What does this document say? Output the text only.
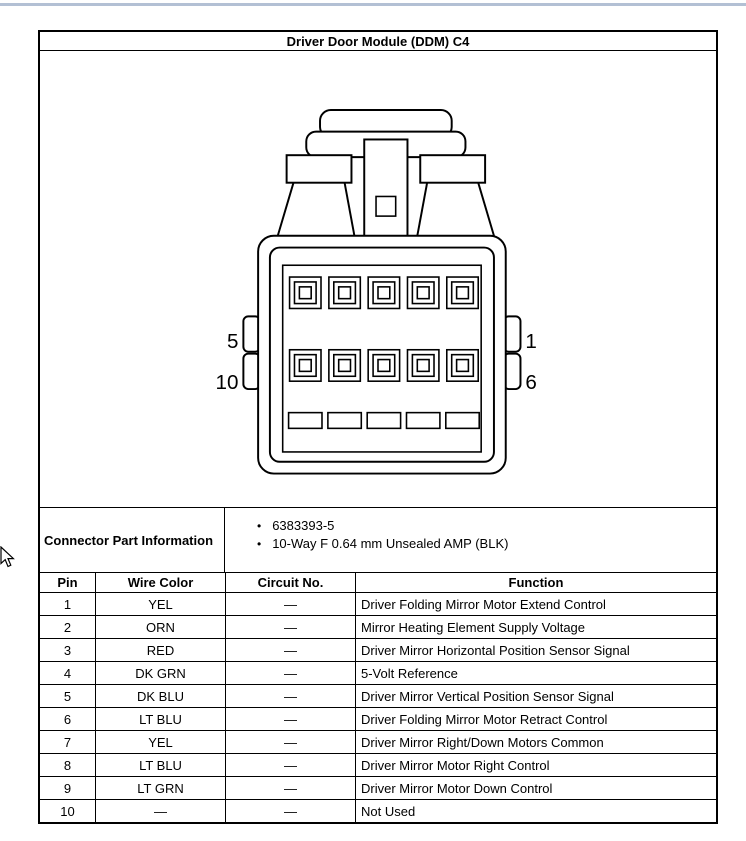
Driver Door Module (DDM) C4
5
10
1
6
Connector Part Information
• 6383393-5
• 10-Way F 0.64 mm Unsealed AMP (BLK)
Pin	Wire Color	Circuit No.	Function
1	YEL	—	Driver Folding Mirror Motor Extend Control
2	ORN	—	Mirror Heating Element Supply Voltage
3	RED	—	Driver Mirror Horizontal Position Sensor Signal
4	DK GRN	—	5-Volt Reference
5	DK BLU	—	Driver Mirror Vertical Position Sensor Signal
6	LT BLU	—	Driver Folding Mirror Motor Retract Control
7	YEL	—	Driver Mirror Right/Down Motors Common
8	LT BLU	—	Driver Mirror Motor Right Control
9	LT GRN	—	Driver Mirror Motor Down Control
10	—	—	Not Used
